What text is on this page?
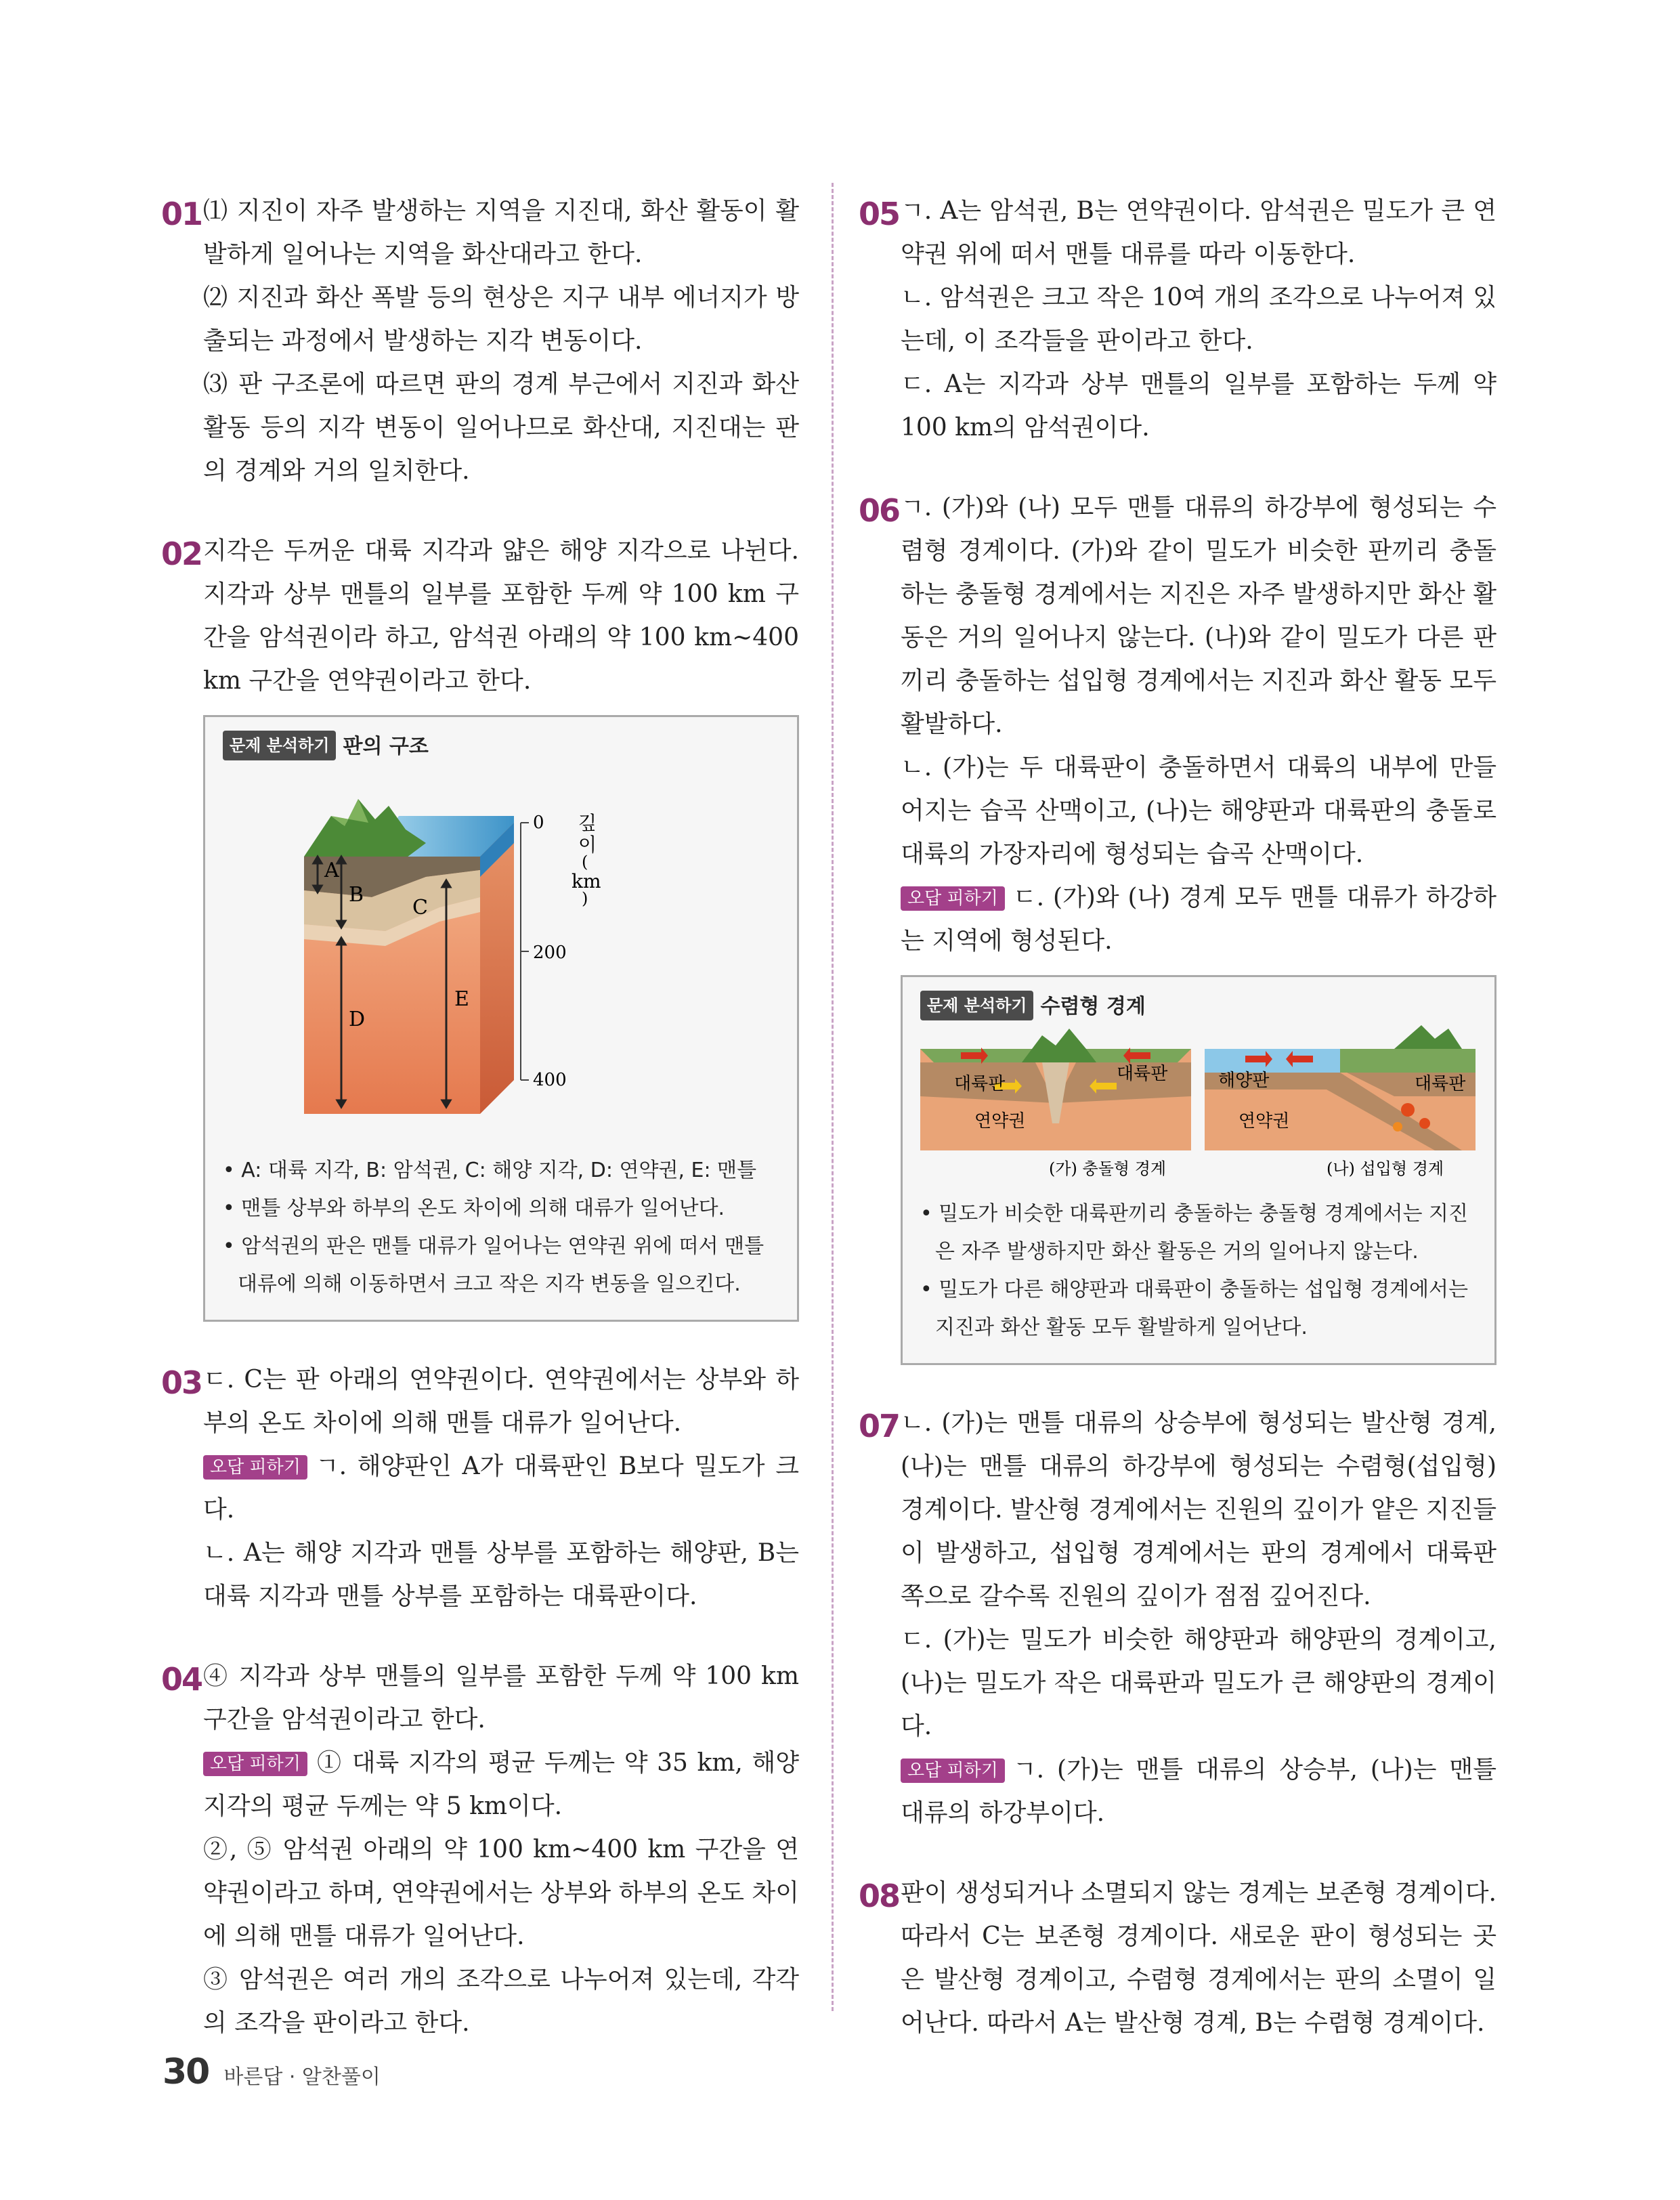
01 ⑴ 지진이 자주 발생하는 지역을 지진대, 화산 활동이 활발하게 일어나는 지역을 화산대라고 한다.

⑵ 지진과 화산 폭발 등의 현상은 지구 내부 에너지가 방출되는 과정에서 발생하는 지각 변동이다.

⑶ 판 구조론에 따르면 판의 경계 부근에서 지진과 화산 활동 등의 지각 변동이 일어나므로 화산대, 지진대는 판의 경계와 거의 일치한다.

02 지각은 두꺼운 대륙 지각과 얇은 해양 지각으로 나뉜다. 지각과 상부 맨틀의 일부를 포함한 두께 약 100 km 구간을 암석권이라 하고, 암석권 아래의 약 100 km~400 km 구간을 연약권이라고 한다.

문제 분석하기 판의 구조
A
B
C
D
E
0
200
400
깊
이
(
km
)
• A: 대륙 지각, B: 암석권, C: 해양 지각, D: 연약권, E: 맨틀
• 맨틀 상부와 하부의 온도 차이에 의해 대류가 일어난다.
• 암석권의 판은 맨틀 대류가 일어나는 연약권 위에 떠서 맨틀 대류에 의해 이동하면서 크고 작은 지각 변동을 일으킨다.
03 ㄷ. C는 판 아래의 연약권이다. 연약권에서는 상부와 하부의 온도 차이에 의해 맨틀 대류가 일어난다.

오답 피하기 ㄱ. 해양판인 A가 대륙판인 B보다 밀도가 크다.

ㄴ. A는 해양 지각과 맨틀 상부를 포함하는 해양판, B는 대륙 지각과 맨틀 상부를 포함하는 대륙판이다.

04 ④ 지각과 상부 맨틀의 일부를 포함한 두께 약 100 km 구간을 암석권이라고 한다.

오답 피하기 ① 대륙 지각의 평균 두께는 약 35 km, 해양 지각의 평균 두께는 약 5 km이다.

②, ⑤ 암석권 아래의 약 100 km~400 km 구간을 연약권이라고 하며, 연약권에서는 상부와 하부의 온도 차이에 의해 맨틀 대류가 일어난다.

③ 암석권은 여러 개의 조각으로 나누어져 있는데, 각각의 조각을 판이라고 한다.

05 ㄱ. A는 암석권, B는 연약권이다. 암석권은 밀도가 큰 연약권 위에 떠서 맨틀 대류를 따라 이동한다.

ㄴ. 암석권은 크고 작은 10여 개의 조각으로 나누어져 있는데, 이 조각들을 판이라고 한다.

ㄷ. A는 지각과 상부 맨틀의 일부를 포함하는 두께 약 100 km의 암석권이다.

06 ㄱ. (가)와 (나) 모두 맨틀 대류의 하강부에 형성되는 수렴형 경계이다. (가)와 같이 밀도가 비슷한 판끼리 충돌하는 충돌형 경계에서는 지진은 자주 발생하지만 화산 활동은 거의 일어나지 않는다. (나)와 같이 밀도가 다른 판끼리 충돌하는 섭입형 경계에서는 지진과 화산 활동 모두 활발하다.

ㄴ. (가)는 두 대륙판이 충돌하면서 대륙의 내부에 만들어지는 습곡 산맥이고, (나)는 해양판과 대륙판의 충돌로 대륙의 가장자리에 형성되는 습곡 산맥이다.

오답 피하기 ㄷ. (가)와 (나) 경계 모두 맨틀 대류가 하강하는 지역에 형성된다.

문제 분석하기 수렴형 경계
대륙판	대륙판
연약권
(가) 충돌형 경계
해양판	대륙판
연약권
(나) 섭입형 경계
• 밀도가 비슷한 대륙판끼리 충돌하는 충돌형 경계에서는 지진은 자주 발생하지만 화산 활동은 거의 일어나지 않는다.
• 밀도가 다른 해양판과 대륙판이 충돌하는 섭입형 경계에서는 지진과 화산 활동 모두 활발하게 일어난다.
07 ㄴ. (가)는 맨틀 대류의 상승부에 형성되는 발산형 경계, (나)는 맨틀 대류의 하강부에 형성되는 수렴형(섭입형) 경계이다. 발산형 경계에서는 진원의 깊이가 얕은 지진들이 발생하고, 섭입형 경계에서는 판의 경계에서 대륙판 쪽으로 갈수록 진원의 깊이가 점점 깊어진다.

ㄷ. (가)는 밀도가 비슷한 해양판과 해양판의 경계이고, (나)는 밀도가 작은 대륙판과 밀도가 큰 해양판의 경계이다.

오답 피하기 ㄱ. (가)는 맨틀 대류의 상승부, (나)는 맨틀 대류의 하강부이다.

08 판이 생성되거나 소멸되지 않는 경계는 보존형 경계이다. 따라서 C는 보존형 경계이다. 새로운 판이 형성되는 곳은 발산형 경계이고, 수렴형 경계에서는 판의 소멸이 일어난다. 따라서 A는 발산형 경계, B는 수렴형 경계이다.

30 바른답 · 알찬풀이
